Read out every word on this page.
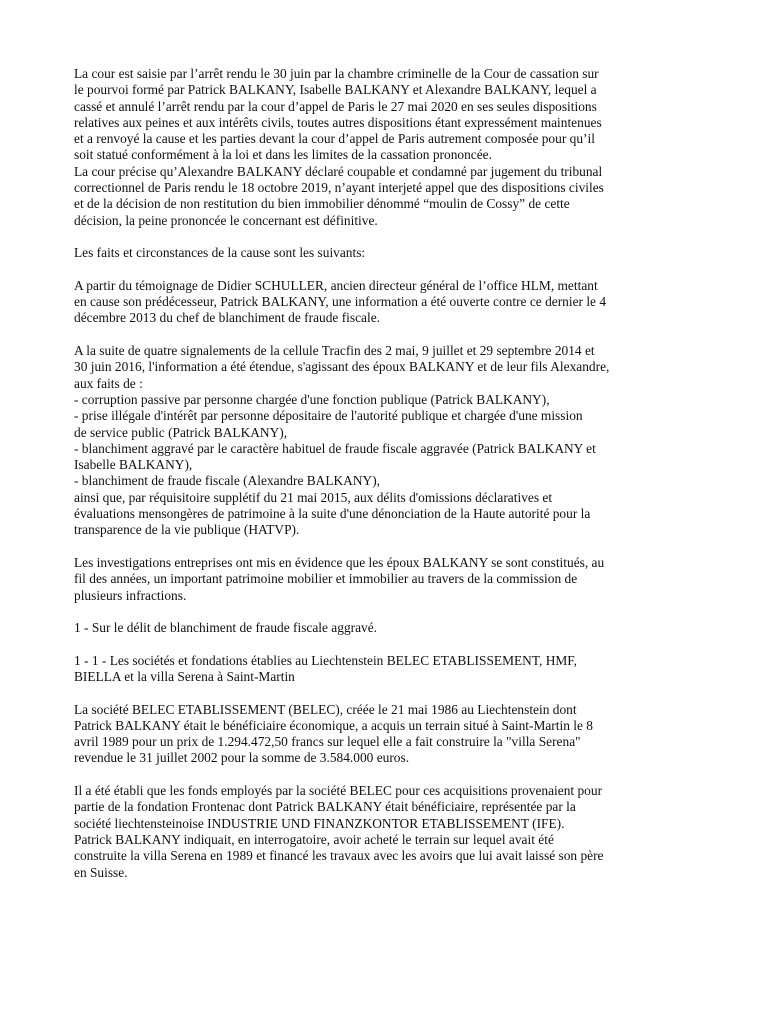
La cour est saisie par l’arrêt rendu le 30 juin par la chambre criminelle de la Cour de cassation sur
le pourvoi formé par Patrick BALKANY, Isabelle BALKANY et Alexandre BALKANY, lequel a
cassé et annulé l’arrêt rendu par la cour d’appel de Paris le 27 mai 2020 en ses seules dispositions
relatives aux peines et aux intérêts civils, toutes autres dispositions étant expressément maintenues
et a renvoyé la cause et les parties devant la cour d’appel de Paris autrement composée pour qu’il
soit statué conformément à la loi et dans les limites de la cassation prononcée.
La cour précise qu’Alexandre BALKANY déclaré coupable et condamné par jugement du tribunal
correctionnel de Paris rendu le 18 octobre 2019, n’ayant interjeté appel que des dispositions civiles
et de la décision de non restitution du bien immobilier dénommé “moulin de Cossy” de cette
décision, la peine prononcée le concernant est définitive.

Les faits et circonstances de la cause sont les suivants:

A partir du témoignage de Didier SCHULLER, ancien directeur général de l’office HLM, mettant
en cause son prédécesseur, Patrick BALKANY, une information a été ouverte contre ce dernier le 4
décembre 2013 du chef de blanchiment de fraude fiscale.

A la suite de quatre signalements de la cellule Tracfin des 2 mai, 9 juillet et 29 septembre 2014 et
30 juin 2016, l'information a été étendue, s'agissant des époux BALKANY et de leur fils Alexandre,
aux faits de :
- corruption passive par personne chargée d'une fonction publique (Patrick BALKANY),
- prise illégale d'intérêt par personne dépositaire de l'autorité publique et chargée d'une mission
de service public (Patrick BALKANY),
- blanchiment aggravé par le caractère habituel de fraude fiscale aggravée (Patrick BALKANY et
Isabelle BALKANY),
- blanchiment de fraude fiscale (Alexandre BALKANY),
ainsi que, par réquisitoire supplétif du 21 mai 2015, aux délits d'omissions déclaratives et
évaluations mensongères de patrimoine à la suite d'une dénonciation de la Haute autorité pour la
transparence de la vie publique (HATVP).

Les investigations entreprises ont mis en évidence que les époux BALKANY se sont constitués, au
fil des années, un important patrimoine mobilier et immobilier au travers de la commission de
plusieurs infractions.

1 - Sur le délit de blanchiment de fraude fiscale aggravé.

1 - 1 - Les sociétés et fondations établies au Liechtenstein BELEC ETABLISSEMENT, HMF,
BIELLA et la villa Serena à Saint-Martin

La société BELEC ETABLISSEMENT (BELEC), créée le 21 mai 1986 au Liechtenstein dont
Patrick BALKANY était le bénéficiaire économique, a acquis un terrain situé à Saint-Martin le 8
avril 1989 pour un prix de 1.294.472,50 francs sur lequel elle a fait construire la "villa Serena"
revendue le 31 juillet 2002 pour la somme de 3.584.000 euros.

Il a été établi que les fonds employés par la société BELEC pour ces acquisitions provenaient pour
partie de la fondation Frontenac dont Patrick BALKANY était bénéficiaire, représentée par la
société liechtensteinoise INDUSTRIE UND FINANZKONTOR ETABLISSEMENT (IFE).
Patrick BALKANY indiquait, en interrogatoire, avoir acheté le terrain sur lequel avait été
construite la villa Serena en 1989 et financé les travaux avec les avoirs que lui avait laissé son père
en Suisse.
